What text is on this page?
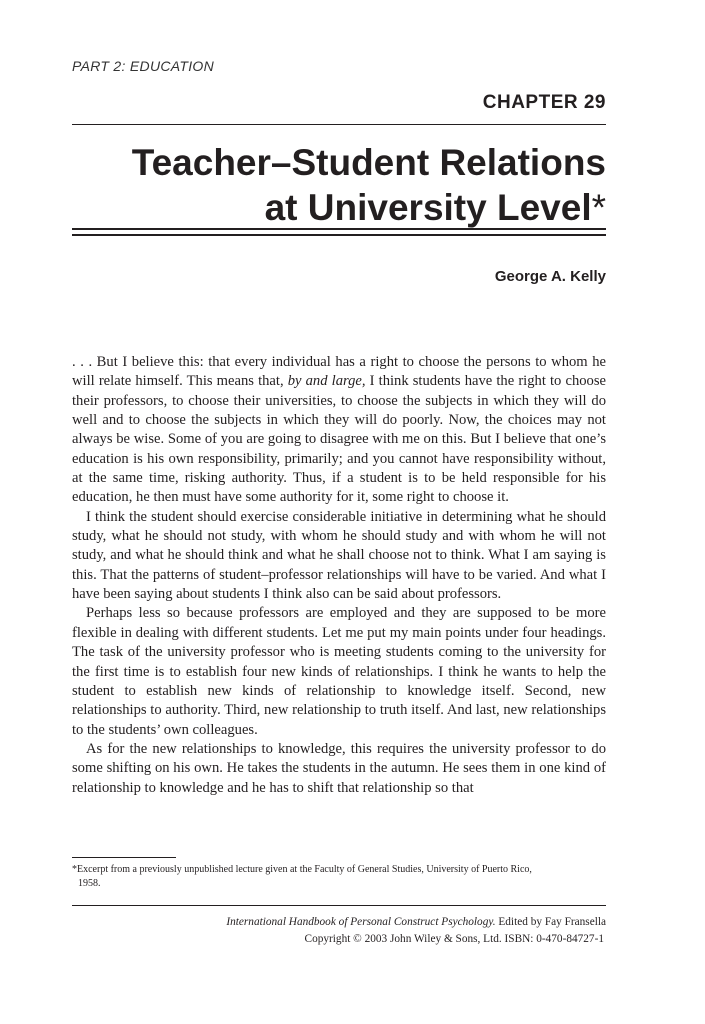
PART 2: EDUCATION
CHAPTER 29
Teacher–Student Relations
at University Level*
George A. Kelly

. . . But I believe this: that every individual has a right to choose the persons to whom he will relate himself. This means that, by and large, I think students have the right to choose their professors, to choose their universities, to choose the subjects in which they will do well and to choose the subjects in which they will do poorly. Now, the choices may not always be wise. Some of you are going to disagree with me on this. But I believe that one’s education is his own responsibility, primarily; and you cannot have responsibility without, at the same time, risking authority. Thus, if a student is to be held responsible for his education, he then must have some authority for it, some right to choose it.

I think the student should exercise considerable initiative in determining what he should study, what he should not study, with whom he should study and with whom he will not study, and what he should think and what he shall choose not to think. What I am saying is this. That the patterns of student–professor relationships will have to be varied. And what I have been saying about students I think also can be said about professors.

Perhaps less so because professors are employed and they are supposed to be more flexible in dealing with different students. Let me put my main points under four headings. The task of the university professor who is meeting students coming to the university for the first time is to establish four new kinds of relationships. I think he wants to help the student to establish new kinds of relationship to knowledge itself. Second, new relationships to authority. Third, new relationship to truth itself. And last, new relationships to the students’ own colleagues.

As for the new relationships to knowledge, this requires the university professor to do some shifting on his own. He takes the students in the autumn. He sees them in one kind of relationship to knowledge and he has to shift that relationship so that

*Excerpt from a previously unpublished lecture given at the Faculty of General Studies, University of Puerto Rico,
1958.
International Handbook of Personal Construct Psychology. Edited by Fay Fransella
Copyright © 2003 John Wiley & Sons, Ltd. ISBN: 0-470-84727-1
